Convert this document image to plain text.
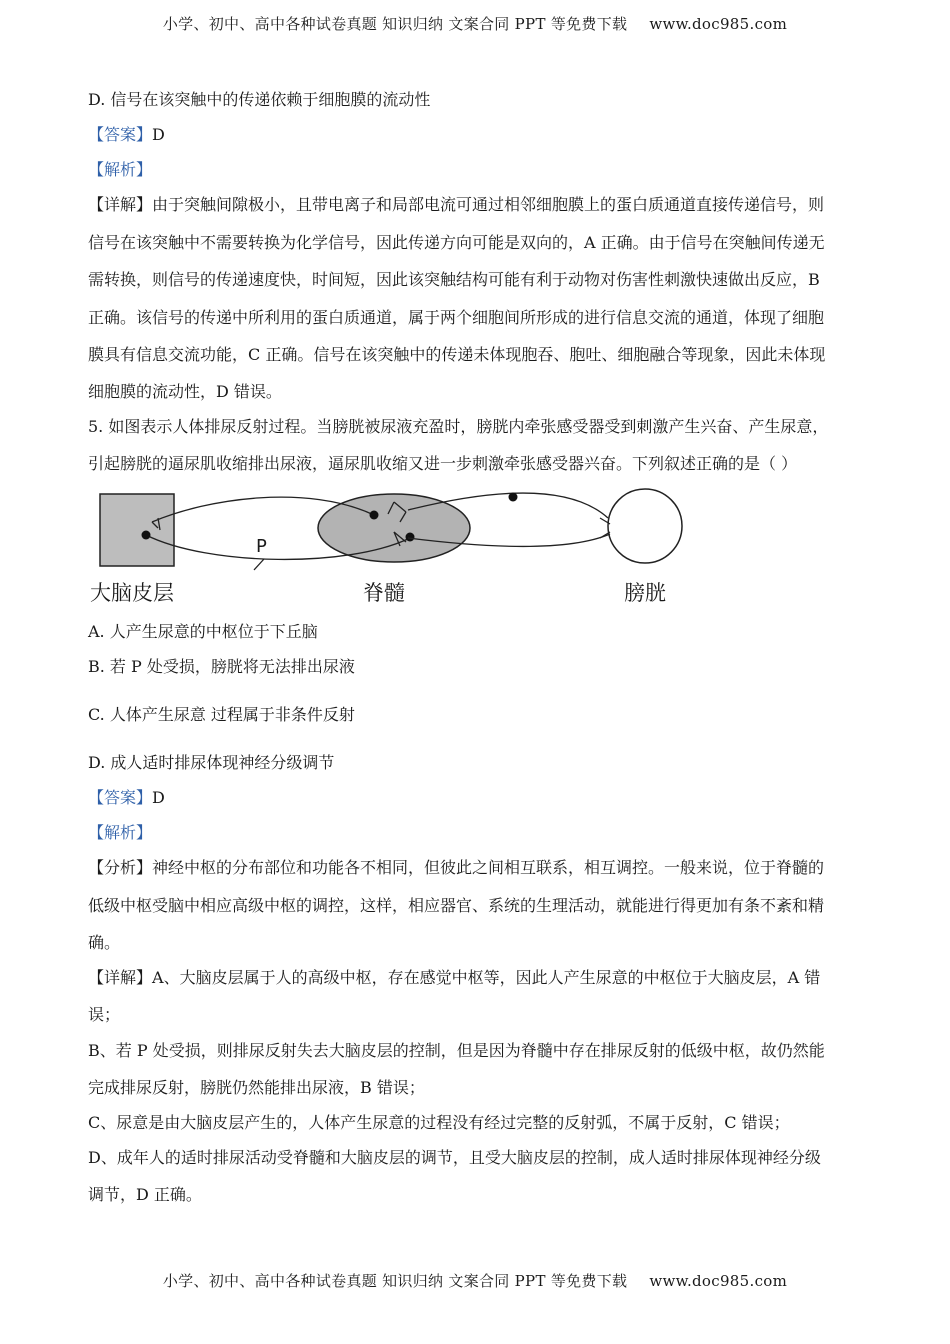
小学、初中、高中各种试卷真题 知识归纳 文案合同 PPT 等免费下载 www.doc985.com
D. 信号在该突触中的传递依赖于细胞膜的流动性
【答案】D
【解析】
【详解】由于突触间隙极小，且带电离子和局部电流可通过相邻细胞膜上的蛋白质通道直接传递信号，则
信号在该突触中不需要转换为化学信号，因此传递方向可能是双向的，A 正确。由于信号在突触间传递无
需转换，则信号的传递速度快，时间短，因此该突触结构可能有利于动物对伤害性刺激快速做出反应，B
正确。该信号的传递中所利用的蛋白质通道，属于两个细胞间所形成的进行信息交流的通道，体现了细胞
膜具有信息交流功能，C 正确。信号在该突触中的传递未体现胞吞、胞吐、细胞融合等现象，因此未体现
细胞膜的流动性，D 错误。
5. 如图表示人体排尿反射过程。当膀胱被尿液充盈时，膀胱内牵张感受器受到刺激产生兴奋、产生尿意，
引起膀胱的逼尿肌收缩排出尿液，逼尿肌收缩又进一步刺激牵张感受器兴奋。下列叙述正确的是（ ）
P
大脑皮层	脊髓	膀胱
A. 人产生尿意的中枢位于下丘脑
B. 若 P 处受损，膀胱将无法排出尿液
C. 人体产生尿意 过程属于非条件反射
D. 成人适时排尿体现神经分级调节
【答案】D
【解析】
【分析】神经中枢的分布部位和功能各不相同，但彼此之间相互联系，相互调控。一般来说，位于脊髓的
低级中枢受脑中相应高级中枢的调控，这样，相应器官、系统的生理活动，就能进行得更加有条不紊和精
确。
【详解】A、大脑皮层属于人的高级中枢，存在感觉中枢等，因此人产生尿意的中枢位于大脑皮层，A 错
误；
B、若 P 处受损，则排尿反射失去大脑皮层的控制，但是因为脊髓中存在排尿反射的低级中枢，故仍然能
完成排尿反射，膀胱仍然能排出尿液，B 错误；
C、尿意是由大脑皮层产生的，人体产生尿意的过程没有经过完整的反射弧，不属于反射，C 错误；
D、成年人的适时排尿活动受脊髓和大脑皮层的调节，且受大脑皮层的控制，成人适时排尿体现神经分级
调节，D 正确。
小学、初中、高中各种试卷真题 知识归纳 文案合同 PPT 等免费下载 www.doc985.com
